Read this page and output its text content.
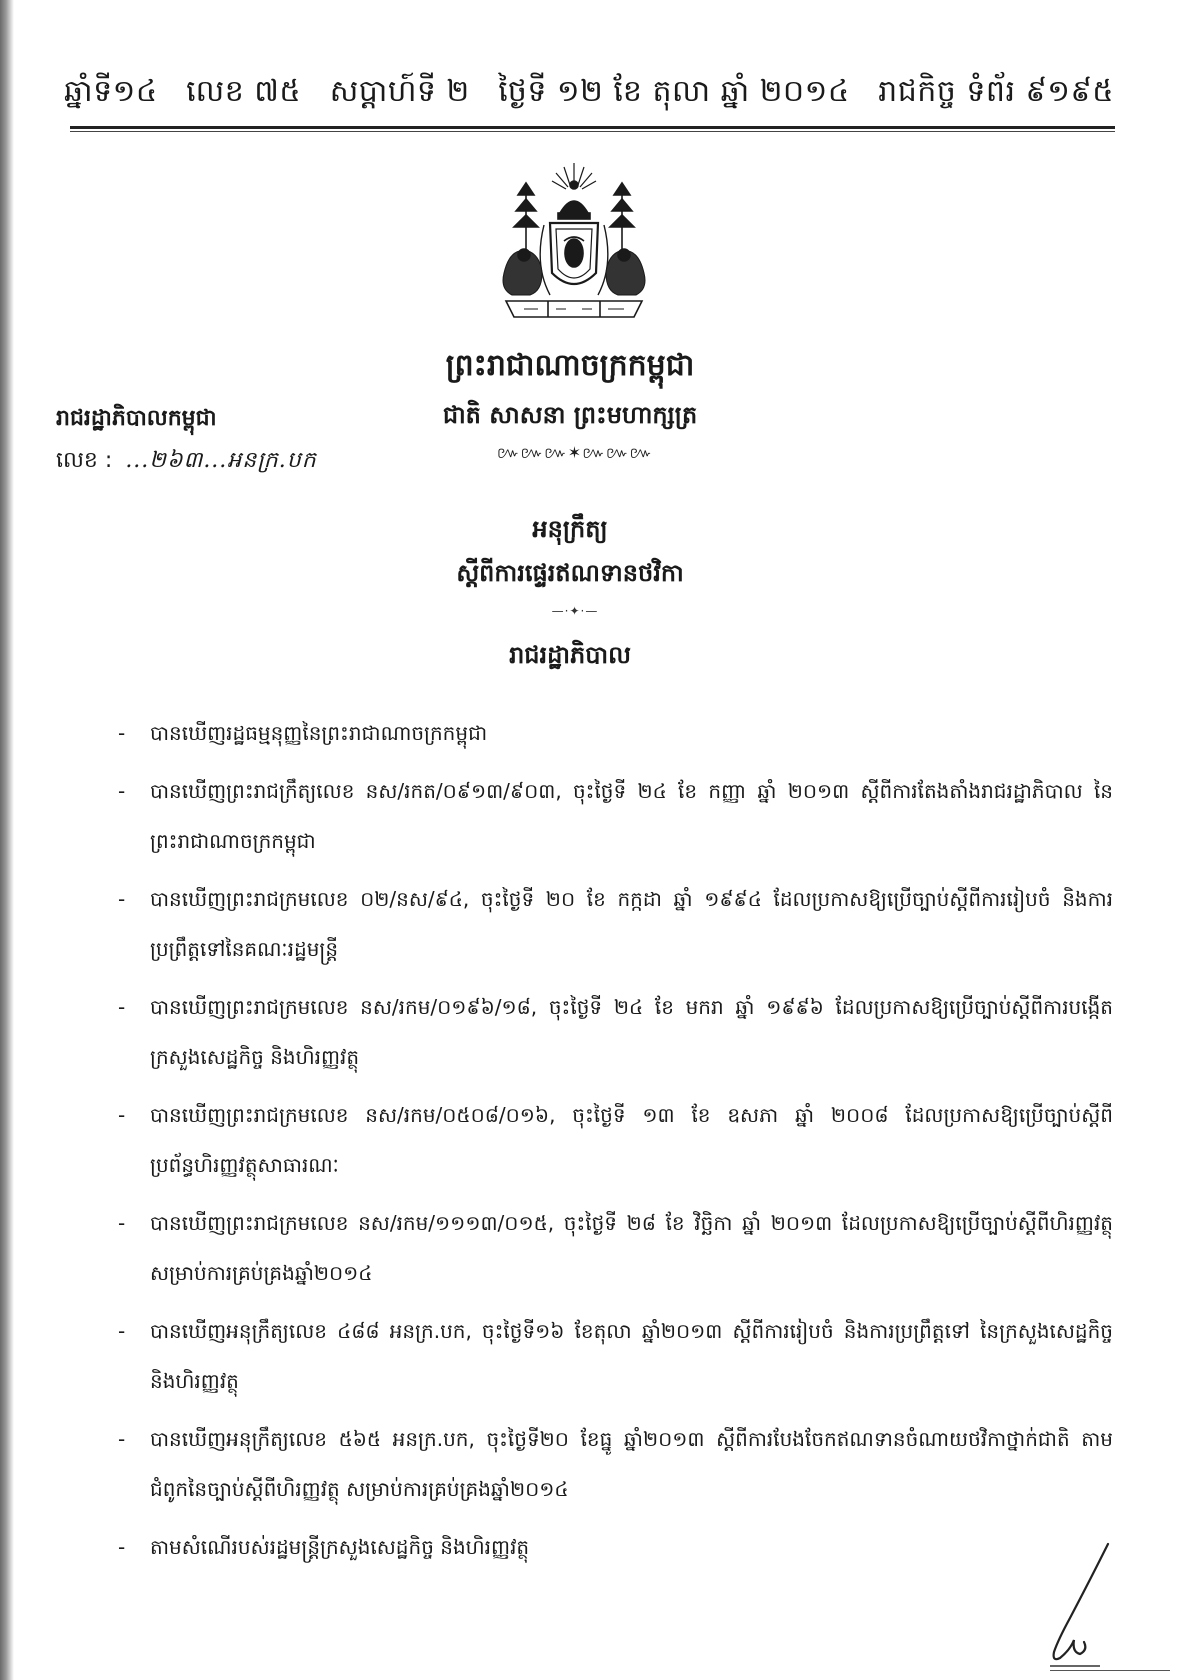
ឆ្នាំទី១៤ លេខ ៧៥ សប្តាហ៍ទី ២ ថ្ងៃទី ១២ ខែ តុលា ឆ្នាំ ២០១៤ រាជកិច្ច ទំព័រ ៩១៩៥
ព្រះរាជាណាចក្រកម្ពុជា
ជាតិ សាសនា ព្រះមហាក្សត្រ
៚៚៚✶៚៚៚
រាជរដ្ឋាភិបាលកម្ពុជា
លេខ : ...២៦៣...អនក្រ.បក
អនុក្រឹត្យ
ស្តីពីការផ្ទេរឥណទានថវិកា
—·✦·—
រាជរដ្ឋាភិបាល
- បានឃើញរដ្ឋធម្មនុញ្ញនៃព្រះរាជាណាចក្រកម្ពុជា
- បានឃើញព្រះរាជក្រឹត្យលេខ នស/រកត/០៩១៣/៩០៣, ចុះថ្ងៃទី ២៤ ខែ កញ្ញា ឆ្នាំ ២០១៣ ស្តីពីការតែងតាំងរាជរដ្ឋាភិបាល នៃព្រះរាជាណាចក្រកម្ពុជា
- បានឃើញព្រះរាជក្រមលេខ ០២/នស/៩៤, ចុះថ្ងៃទី ២០ ខែ កក្កដា ឆ្នាំ ១៩៩៤ ដែលប្រកាសឱ្យប្រើច្បាប់ស្តីពីការរៀបចំ និងការប្រព្រឹត្តទៅនៃគណៈរដ្ឋមន្ត្រី
- បានឃើញព្រះរាជក្រមលេខ នស/រកម/០១៩៦/១៨, ចុះថ្ងៃទី ២៤ ខែ មករា ឆ្នាំ ១៩៩៦ ដែលប្រកាសឱ្យប្រើច្បាប់ស្តីពីការបង្កើតក្រសួងសេដ្ឋកិច្ច និងហិរញ្ញវត្ថុ
- បានឃើញព្រះរាជក្រមលេខ នស/រកម/០៥០៨/០១៦, ចុះថ្ងៃទី ១៣ ខែ ឧសភា ឆ្នាំ ២០០៨ ដែលប្រកាសឱ្យប្រើច្បាប់ស្តីពីប្រព័ន្ធហិរញ្ញវត្ថុសាធារណៈ
- បានឃើញព្រះរាជក្រមលេខ នស/រកម/១១១៣/០១៥, ចុះថ្ងៃទី ២៨ ខែ វិច្ឆិកា ឆ្នាំ ២០១៣ ដែលប្រកាសឱ្យប្រើច្បាប់ស្តីពីហិរញ្ញវត្ថុ សម្រាប់ការគ្រប់គ្រងឆ្នាំ២០១៤
- បានឃើញអនុក្រឹត្យលេខ ៤៨៨ អនក្រ.បក, ចុះថ្ងៃទី១៦ ខែតុលា ឆ្នាំ២០១៣ ស្តីពីការរៀបចំ និងការប្រព្រឹត្តទៅ នៃក្រសួងសេដ្ឋកិច្ច និងហិរញ្ញវត្ថុ
- បានឃើញអនុក្រឹត្យលេខ ៥៦៥ អនក្រ.បក, ចុះថ្ងៃទី២០ ខែធ្នូ ឆ្នាំ២០១៣ ស្តីពីការបែងចែកឥណទានចំណាយថវិកាថ្នាក់ជាតិ តាមជំពូកនៃច្បាប់ស្តីពីហិរញ្ញវត្ថុ សម្រាប់ការគ្រប់គ្រងឆ្នាំ២០១៤
- តាមសំណើរបស់រដ្ឋមន្ត្រីក្រសួងសេដ្ឋកិច្ច និងហិរញ្ញវត្ថុ
